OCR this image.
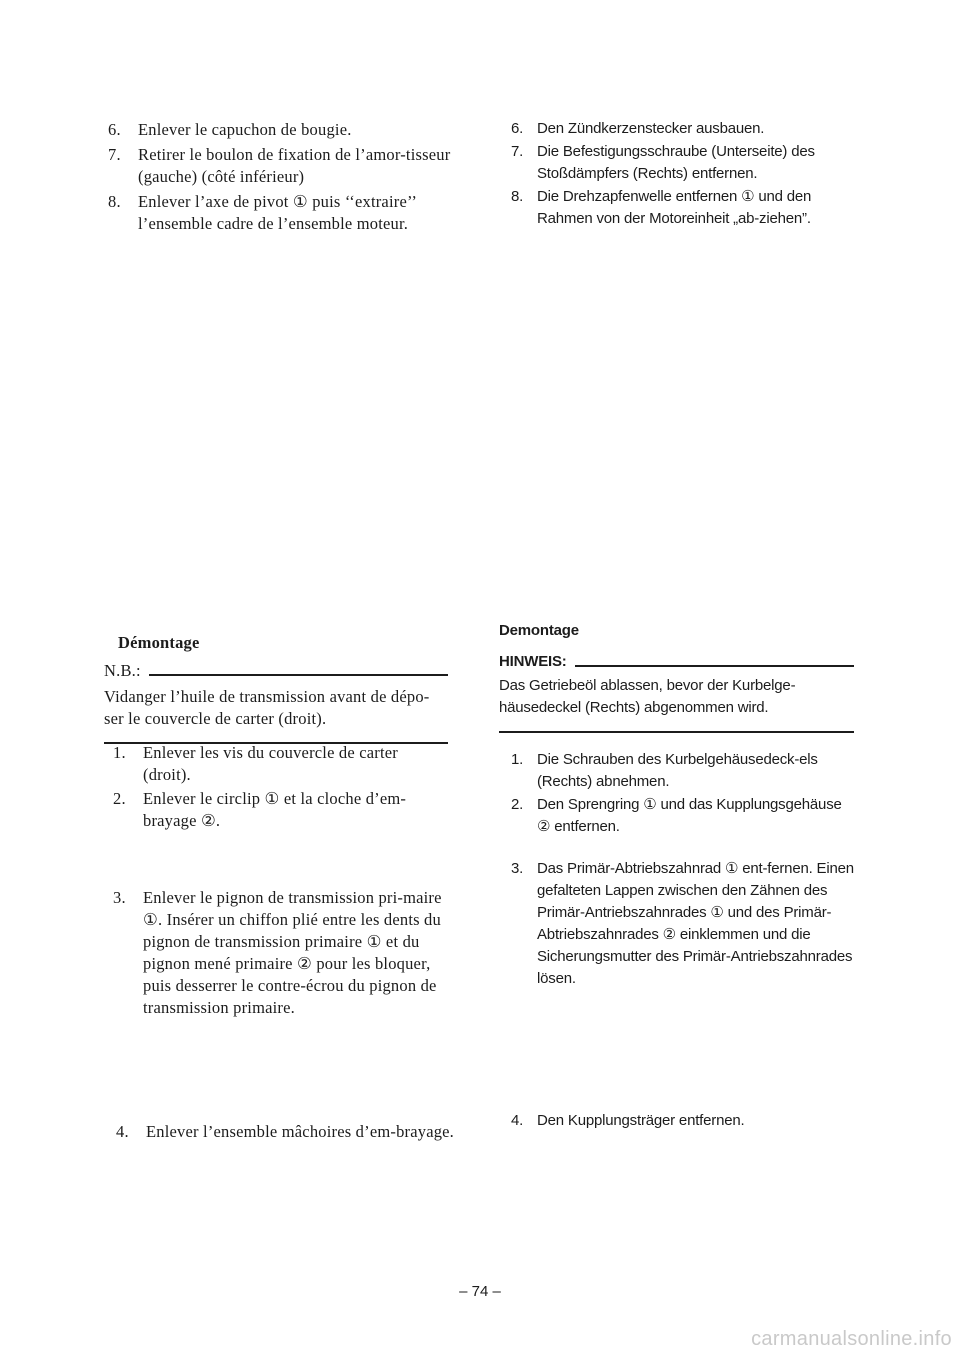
6.	Enlever le capuchon de bougie.
7.	Retirer le boulon de fixation de l’amor-tisseur (gauche) (côté inférieur)
8.	Enlever l’axe de pivot ① puis ‘‘extraire’’ l’ensemble cadre de l’ensemble moteur.
Démontage
N.B.:
Vidanger l’huile de transmission avant de dépo-ser le couvercle de carter (droit).
1.	Enlever les vis du couvercle de carter (droit).
2.	Enlever le circlip ① et la cloche d’em-brayage ②.
3.	Enlever le pignon de transmission pri-maire ①. Insérer un chiffon plié entre les dents du pignon de transmission primaire ① et du pignon mené primaire ② pour les bloquer, puis desserrer le contre-écrou du pignon de transmission primaire.
4.	Enlever l’ensemble mâchoires d’em-brayage.
6. Den Zündkerzenstecker ausbauen.
7. Die Befestigungsschraube (Unterseite) des Stoßdämpfers (Rechts) entfernen.
8. Die Drehzapfenwelle entfernen ① und den Rahmen von der Motoreinheit „ab-ziehen”.
Demontage
HINWEIS:
Das Getriebeöl ablassen, bevor der Kurbelge-häusedeckel (Rechts) abgenommen wird.
1. Die Schrauben des Kurbelgehäusedeck-els (Rechts) abnehmen.
2. Den Sprengring ① und das Kupplungsgehäuse ② entfernen.
3. Das Primär-Abtriebszahnrad ① ent-fernen. Einen gefalteten Lappen zwischen den Zähnen des Primär-Antriebszahnrades ① und des Primär-Abtriebszahnrades ② einklemmen und die Sicherungsmutter des Primär-Antriebszahnrades lösen.
4. Den Kupplungsträger entfernen.
– 74 –
carmanualsonline.info
